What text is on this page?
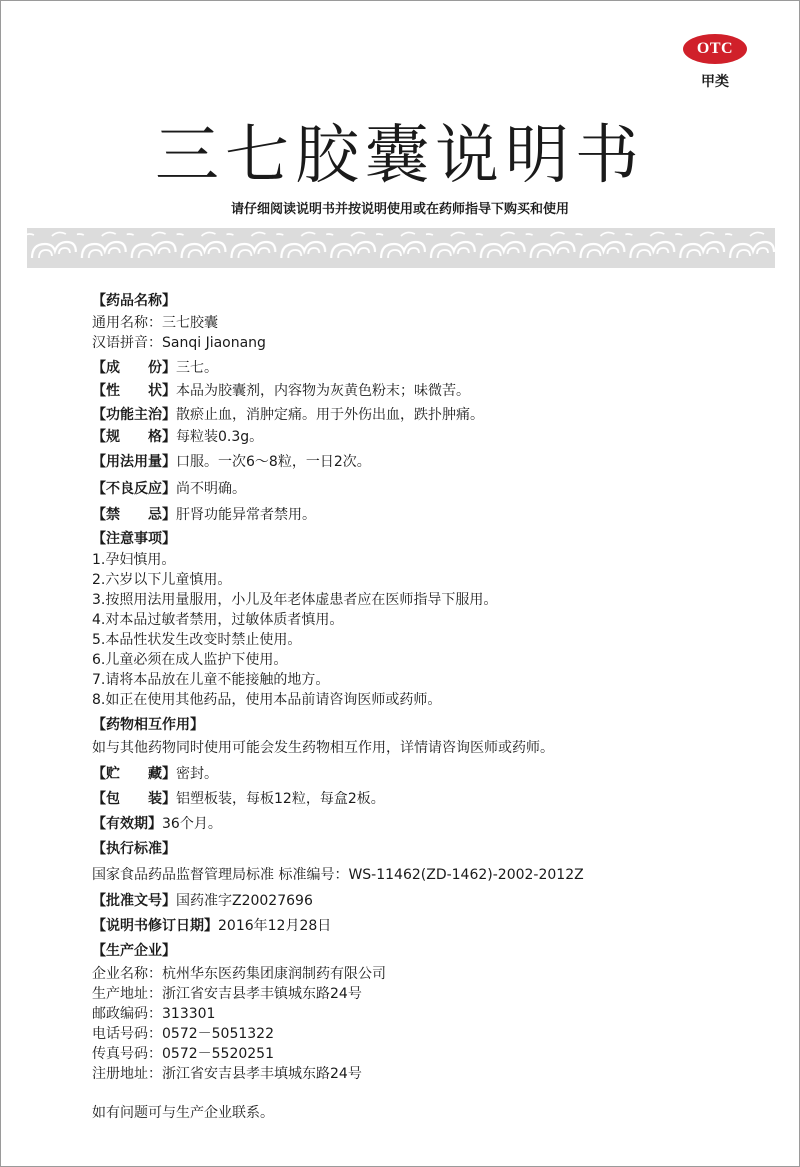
OTC
甲类
三七胶囊说明书
请仔细阅读说明书并按说明使用或在药师指导下购买和使用

【药品名称】

通用名称：三七胶囊

汉语拼音：Sanqi Jiaonang

【成　　份】三七。

【性　　状】本品为胶囊剂，内容物为灰黄色粉末；味微苦。

【功能主治】散瘀止血，消肿定痛。用于外伤出血，跌扑肿痛。

【规　　格】每粒装0.3g。

【用法用量】口服。一次6～8粒，一日2次。

【不良反应】尚不明确。

【禁　　忌】肝肾功能异常者禁用。

【注意事项】

1.孕妇慎用。

2.六岁以下儿童慎用。

3.按照用法用量服用，小儿及年老体虚患者应在医师指导下服用。

4.对本品过敏者禁用，过敏体质者慎用。

5.本品性状发生改变时禁止使用。

6.儿童必须在成人监护下使用。

7.请将本品放在儿童不能接触的地方。

8.如正在使用其他药品，使用本品前请咨询医师或药师。

【药物相互作用】

如与其他药物同时使用可能会发生药物相互作用，详情请咨询医师或药师。

【贮　　藏】密封。

【包　　装】铝塑板装，每板12粒，每盒2板。

【有效期】36个月。

【执行标准】

国家食品药品监督管理局标准 标准编号：WS-11462(ZD-1462)-2002-2012Z

【批准文号】国药准字Z20027696

【说明书修订日期】2016年12月28日

【生产企业】

企业名称：杭州华东医药集团康润制药有限公司

生产地址：浙江省安吉县孝丰镇城东路24号

邮政编码：313301

电话号码：0572－5051322

传真号码：0572－5520251

注册地址：浙江省安吉县孝丰填城东路24号

如有问题可与生产企业联系。
